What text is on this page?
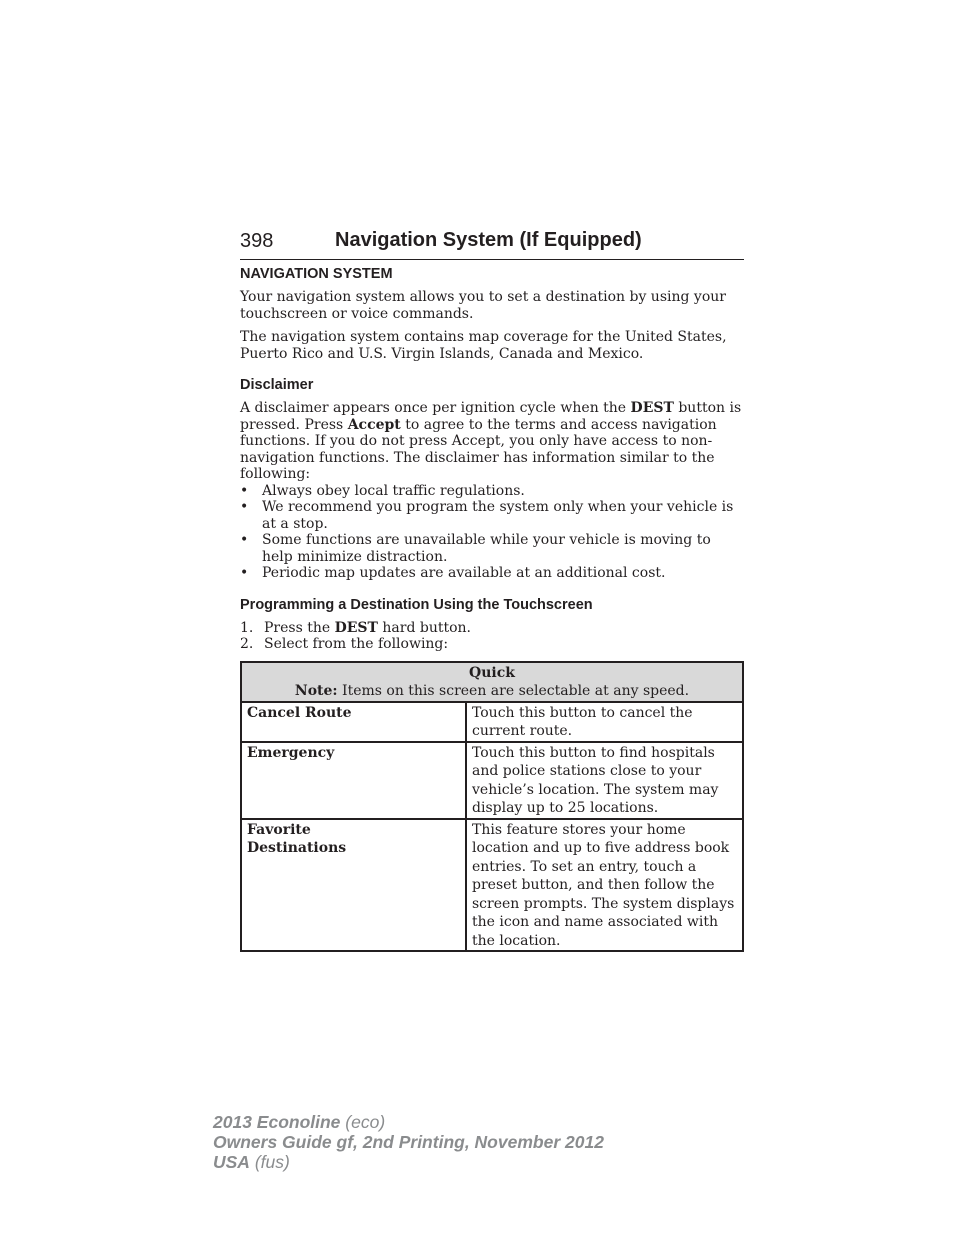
398	Navigation System (If Equipped)
NAVIGATION SYSTEM

Your navigation system allows you to set a destination by using your touchscreen or voice commands.

The navigation system contains map coverage for the United States, Puerto Rico and U.S. Virgin Islands, Canada and Mexico.

Disclaimer

A disclaimer appears once per ignition cycle when the DEST button is pressed. Press Accept to agree to the terms and access navigation functions. If you do not press Accept, you only have access to non-navigation functions. The disclaimer has information similar to the following:

• Always obey local traffic regulations.
• We recommend you program the system only when your vehicle is at a stop.
• Some functions are unavailable while your vehicle is moving to help minimize distraction.
• Periodic map updates are available at an additional cost.
Programming a Destination Using the Touchscreen
1. Press the DEST hard button.
2. Select from the following:
Quick
Note: Items on this screen are selectable at any speed.	
Cancel Route	Touch this button to cancel the current route.
Emergency	Touch this button to find hospitals and police stations close to your vehicle’s location. The system may display up to 25 locations.
Favorite Destinations	This feature stores your home location and up to five address book entries. To set an entry, touch a preset button, and then follow the screen prompts. The system displays the icon and name associated with the location.
2013 Econoline (eco)
Owners Guide gf, 2nd Printing, November 2012
USA (fus)
